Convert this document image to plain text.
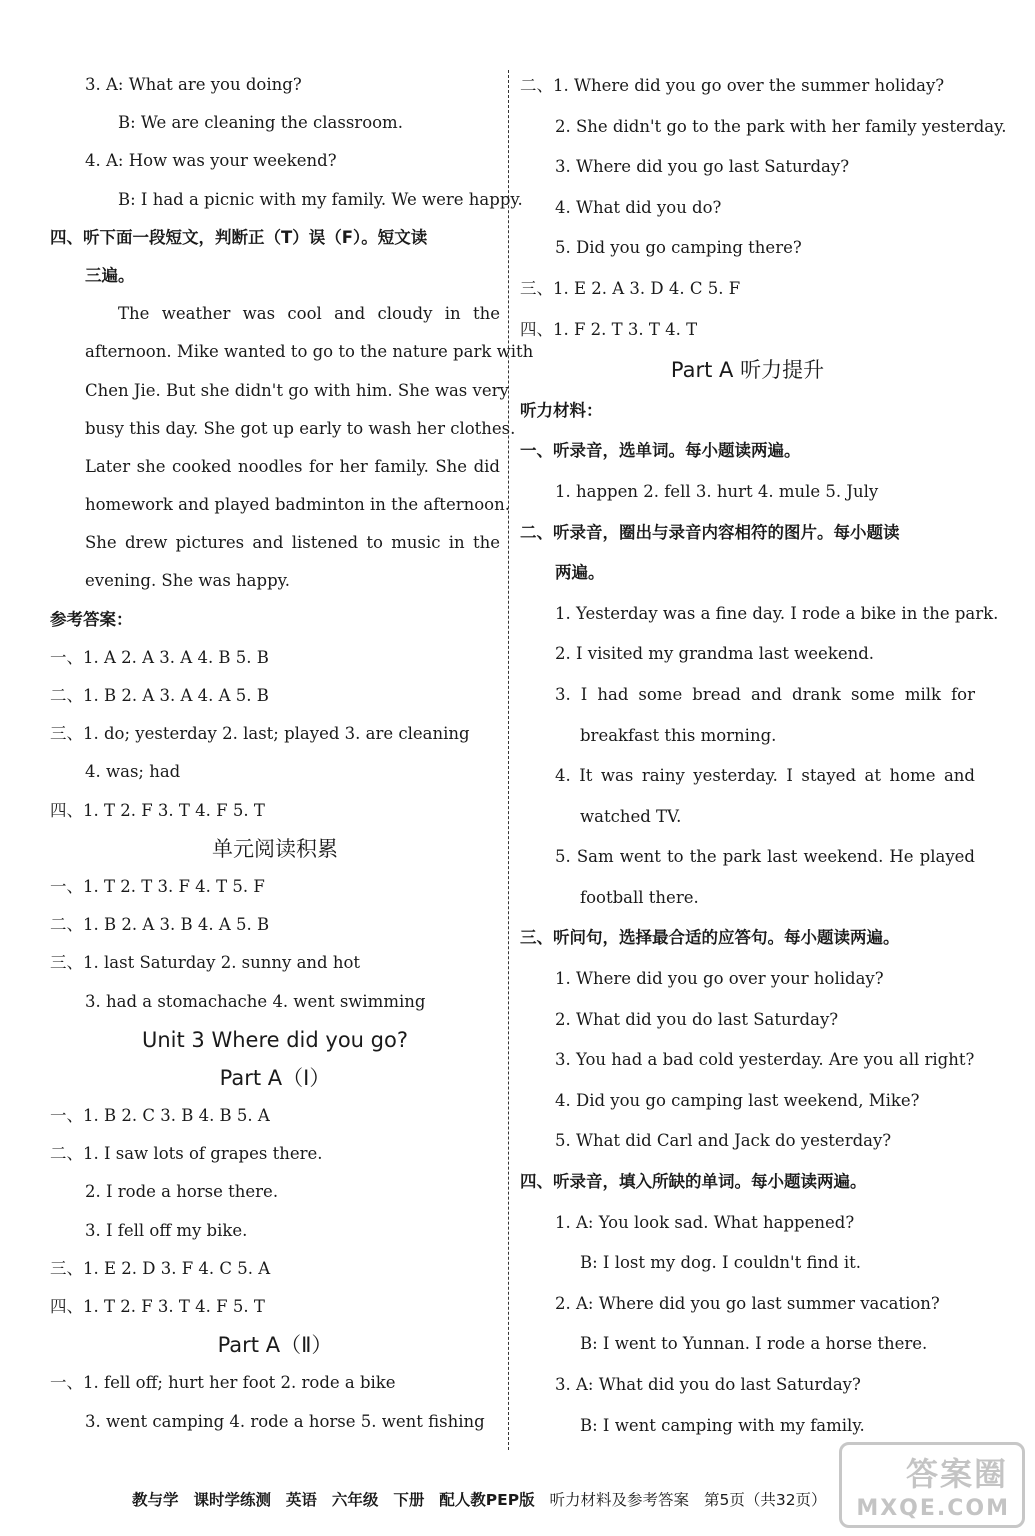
3. A: What are you doing?
B: We are cleaning the classroom.
4. A: How was your weekend?
B: I had a picnic with my family. We were happy.
四、听下面一段短文，判断正（T）误（F）。短文读
三遍。
The weather was cool and cloudy in the
afternoon. Mike wanted to go to the nature park with
Chen Jie. But she didn't go with him. She was very
busy this day. She got up early to wash her clothes.
Later she cooked noodles for her family. She did
homework and played badminton in the afternoon.
She drew pictures and listened to music in the
evening. She was happy.
参考答案：
一、1. A 2. A 3. A 4. B 5. B
二、1. B 2. A 3. A 4. A 5. B
三、1. do; yesterday 2. last; played 3. are cleaning
4. was; had
四、1. T 2. F 3. T 4. F 5. T
单元阅读积累
一、1. T 2. T 3. F 4. T 5. F
二、1. B 2. A 3. B 4. A 5. B
三、1. last Saturday 2. sunny and hot
3. had a stomachache 4. went swimming
Unit 3 Where did you go?
Part A（Ⅰ）
一、1. B 2. C 3. B 4. B 5. A
二、1. I saw lots of grapes there.
2. I rode a horse there.
3. I fell off my bike.
三、1. E 2. D 3. F 4. C 5. A
四、1. T 2. F 3. T 4. F 5. T
Part A（Ⅱ）
一、1. fell off; hurt her foot 2. rode a bike
3. went camping 4. rode a horse 5. went fishing
二、1. Where did you go over the summer holiday?
2. She didn't go to the park with her family yesterday.
3. Where did you go last Saturday?
4. What did you do?
5. Did you go camping there?
三、1. E 2. A 3. D 4. C 5. F
四、1. F 2. T 3. T 4. T
Part A 听力提升
听力材料：
一、听录音，选单词。每小题读两遍。
1. happen 2. fell 3. hurt 4. mule 5. July
二、听录音，圈出与录音内容相符的图片。每小题读
两遍。
1. Yesterday was a fine day. I rode a bike in the park.
2. I visited my grandma last weekend.
3. I had some bread and drank some milk for
breakfast this morning.
4. It was rainy yesterday. I stayed at home and
watched TV.
5. Sam went to the park last weekend. He played
football there.
三、听问句，选择最合适的应答句。每小题读两遍。
1. Where did you go over your holiday?
2. What did you do last Saturday?
3. You had a bad cold yesterday. Are you all right?
4. Did you go camping last weekend, Mike?
5. What did Carl and Jack do yesterday?
四、听录音，填入所缺的单词。每小题读两遍。
1. A: You look sad. What happened?
B: I lost my dog. I couldn't find it.
2. A: Where did you go last summer vacation?
B: I went to Yunnan. I rode a horse there.
3. A: What did you do last Saturday?
B: I went camping with my family.
教与学 课时学练测 英语 六年级 下册 配人教PEP版 听力材料及参考答案 第5页（共32页）
答案圈
MXQE.COM
